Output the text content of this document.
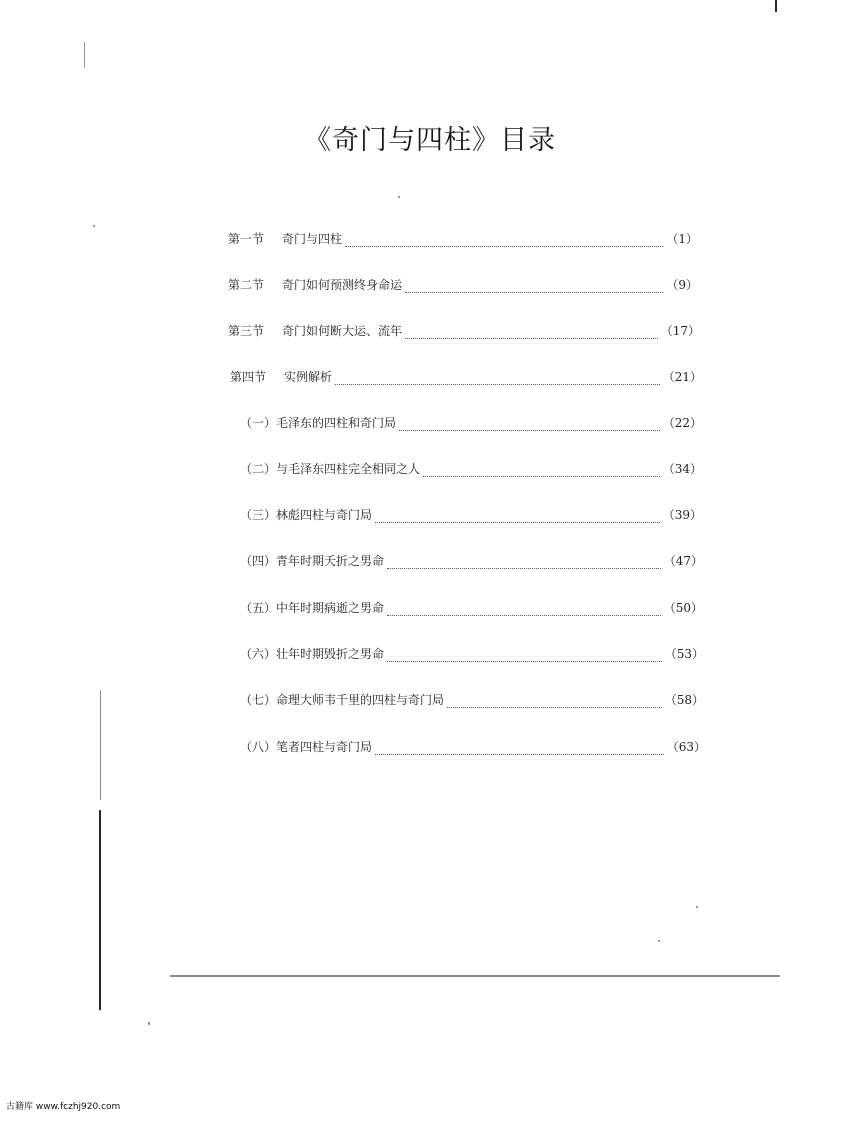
《奇门与四柱》目录
第一节	奇门与四柱	（1）
第二节	奇门如何预测终身命运	（9）
第三节	奇门如何断大运、流年	（17）
第四节	实例解析	（21）
（一）毛泽东的四柱和奇门局	（22）
（二）与毛泽东四柱完全相同之人	（34）
（三）林彪四柱与奇门局	（39）
（四）青年时期夭折之男命	（47）
（五）中年时期病逝之男命	（50）
（六）壮年时期毁折之男命	（53）
（七）命理大师韦千里的四柱与奇门局	（58）
（八）笔者四柱与奇门局	（63）
古籍库 www.fczhj920.com
